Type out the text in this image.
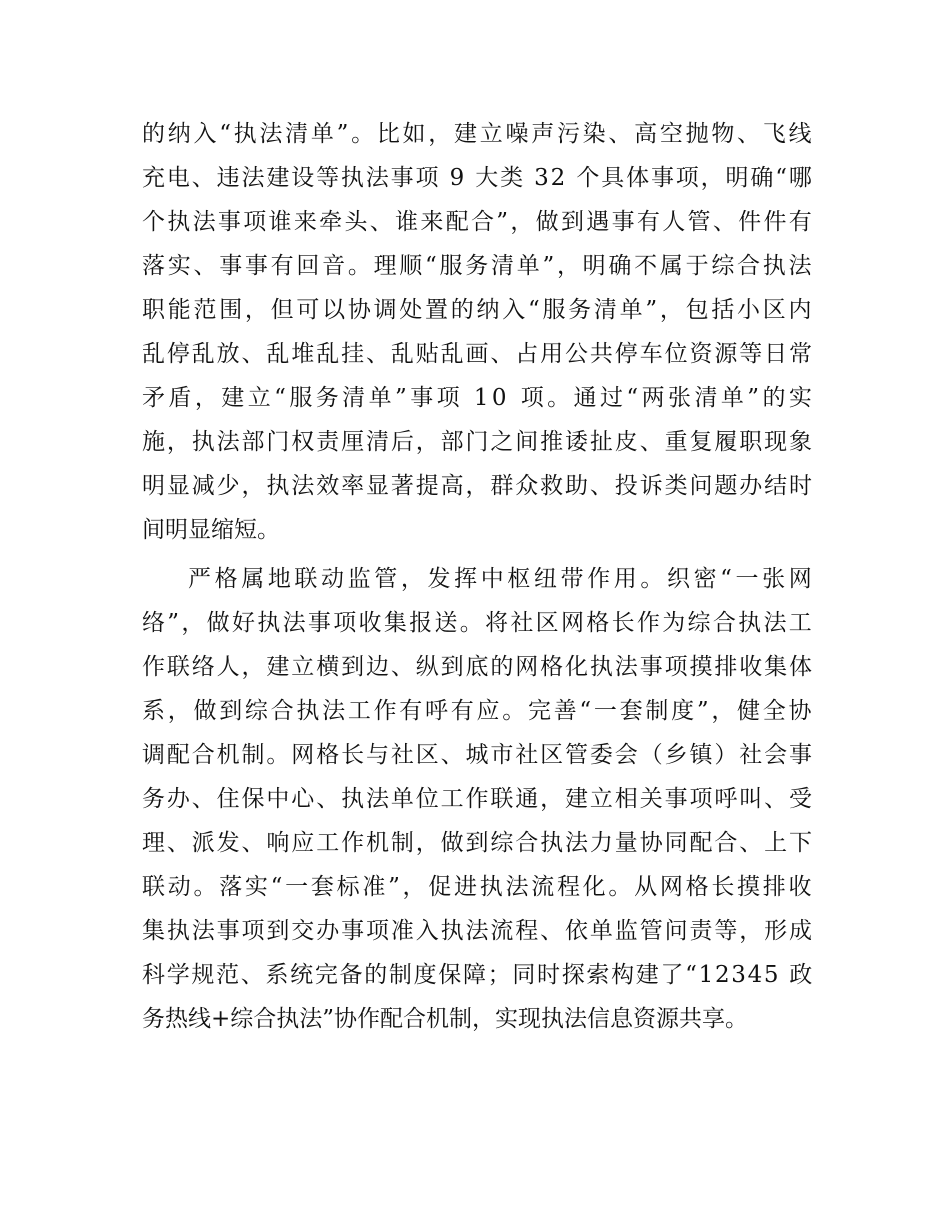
的纳入“执法清单”。比如，建立噪声污染、高空抛物、飞线
充电、违法建设等执法事项 9 大类 32 个具体事项，明确“哪
个执法事项谁来牵头、谁来配合”，做到遇事有人管、件件有
落实、事事有回音。理顺“服务清单”，明确不属于综合执法
职能范围，但可以协调处置的纳入“服务清单”，包括小区内
乱停乱放、乱堆乱挂、乱贴乱画、占用公共停车位资源等日常
矛盾，建立“服务清单”事项 10 项。通过“两张清单”的实
施，执法部门权责厘清后，部门之间推诿扯皮、重复履职现象
明显减少，执法效率显著提高，群众救助、投诉类问题办结时
间明显缩短。
严格属地联动监管，发挥中枢纽带作用。织密“一张网
络”，做好执法事项收集报送。将社区网格长作为综合执法工
作联络人，建立横到边、纵到底的网格化执法事项摸排收集体
系，做到综合执法工作有呼有应。完善“一套制度”，健全协
调配合机制。网格长与社区、城市社区管委会（乡镇）社会事
务办、住保中心、执法单位工作联通，建立相关事项呼叫、受
理、派发、响应工作机制，做到综合执法力量协同配合、上下
联动。落实“一套标准”，促进执法流程化。从网格长摸排收
集执法事项到交办事项准入执法流程、依单监管问责等，形成
科学规范、系统完备的制度保障；同时探索构建了“12345 政
务热线+综合执法”协作配合机制，实现执法信息资源共享。
